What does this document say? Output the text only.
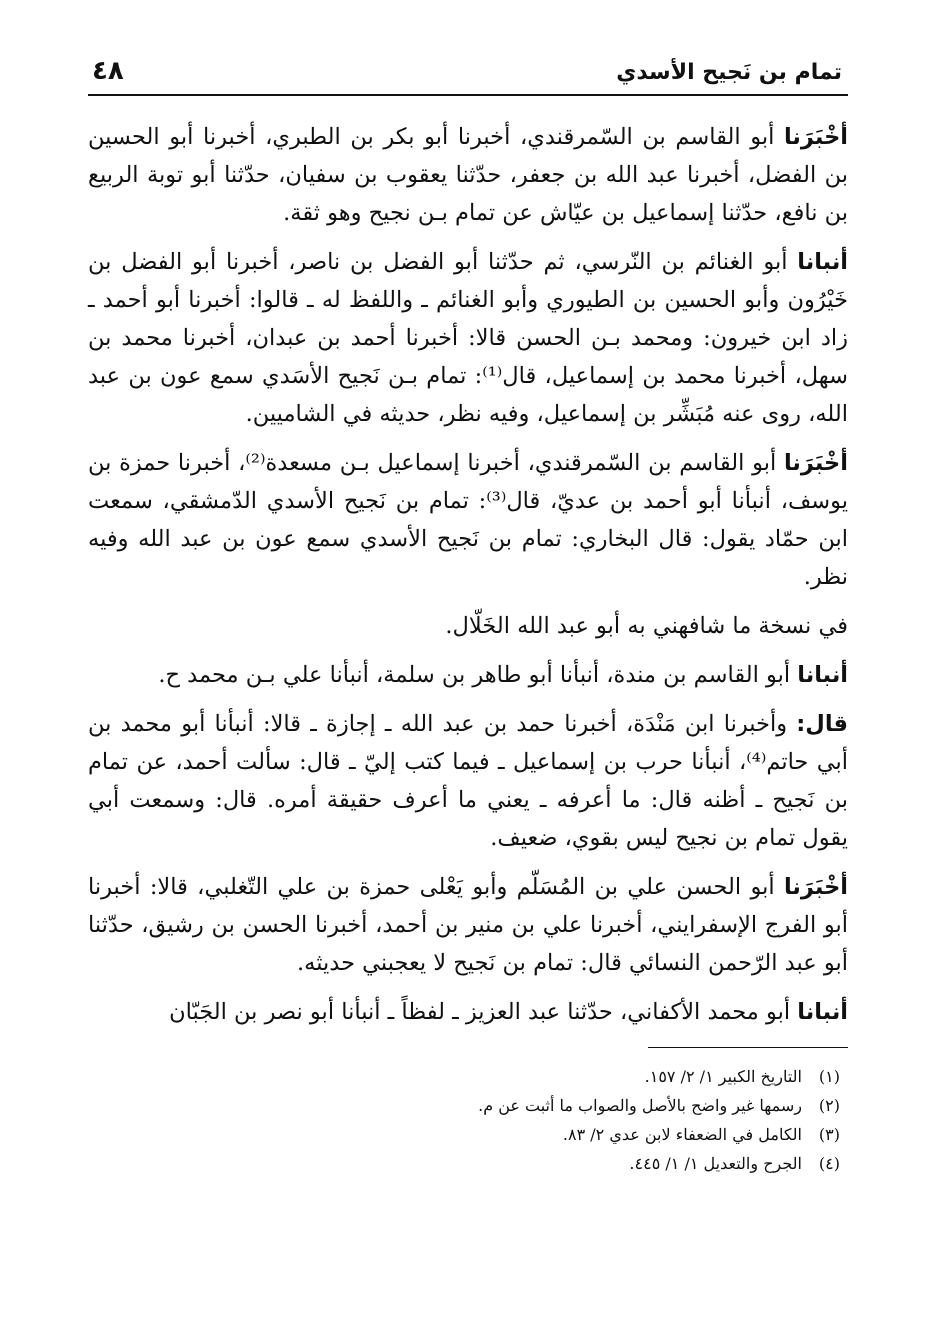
تمام بن نَجيح الأسدي
٤٨

أخْبَرَنا أبو القاسم بن السّمرقندي، أخبرنا أبو بكر بن الطبري، أخبرنا أبو الحسين بن الفضل، أخبرنا عبد الله بن جعفر، حدّثنا يعقوب بن سفيان، حدّثنا أبو توبة الربيع بن نافع، حدّثنا إسماعيل بن عيّاش عن تمام بـن نجيح وهو ثقة.

أنبانا أبو الغنائم بن النّرسي، ثم حدّثنا أبو الفضل بن ناصر، أخبرنا أبو الفضل بن خَيْرُون وأبو الحسين بن الطيوري وأبو الغنائم ـ واللفظ له ـ قالوا: أخبرنا أبو أحمد ـ زاد ابن خيرون: ومحمد بـن الحسن قالا: أخبرنا أحمد بن عبدان، أخبرنا محمد بن سهل، أخبرنا محمد بن إسماعيل، قال⁽¹⁾: تمام بـن نَجيح الأسَدي سمع عون بن عبد الله، روى عنه مُبَشِّر بن إسماعيل، وفيه نظر، حديثه في الشاميين.

أخْبَرَنا أبو القاسم بن السّمرقندي، أخبرنا إسماعيل بـن مسعدة⁽²⁾، أخبرنا حمزة بن يوسف، أنبأنا أبو أحمد بن عديّ، قال⁽³⁾: تمام بن نَجيح الأسدي الدّمشقي، سمعت ابن حمّاد يقول: قال البخاري: تمام بن نَجيح الأسدي سمع عون بن عبد الله وفيه نظر.

في نسخة ما شافهني به أبو عبد الله الخَلّال.

أنبانا أبو القاسم بن مندة، أنبأنا أبو طاهر بن سلمة، أنبأنا علي بـن محمد ح.

قال: وأخبرنا ابن مَنْدَة، أخبرنا حمد بن عبد الله ـ إجازة ـ قالا: أنبأنا أبو محمد بن أبي حاتم⁽⁴⁾، أنبأنا حرب بن إسماعيل ـ فيما كتب إليّ ـ قال: سألت أحمد، عن تمام بن نَجيح ـ أظنه قال: ما أعرفه ـ يعني ما أعرف حقيقة أمره. قال: وسمعت أبي يقول تمام بن نجيح ليس بقوي، ضعيف.

أخْبَرَنا أبو الحسن علي بن المُسَلّم وأبو يَعْلى حمزة بن علي التّغلبي، قالا: أخبرنا أبو الفرج الإسفرايني، أخبرنا علي بن منير بن أحمد، أخبرنا الحسن بن رشيق، حدّثنا أبو عبد الرّحمن النسائي قال: تمام بن نَجيح لا يعجبني حديثه.

أنبانا أبو محمد الأكفاني، حدّثنا عبد العزيز ـ لفظاً ـ أنبأنا أبو نصر بن الجَبّان

(١)
التاريخ الكبير ١/ ٢/ ١٥٧.
(٢)
رسمها غير واضح بالأصل والصواب ما أثبت عن م.
(٣)
الكامل في الضعفاء لابن عدي ٢/ ٨٣.
(٤)
الجرح والتعديل ١/ ١/ ٤٤٥.
